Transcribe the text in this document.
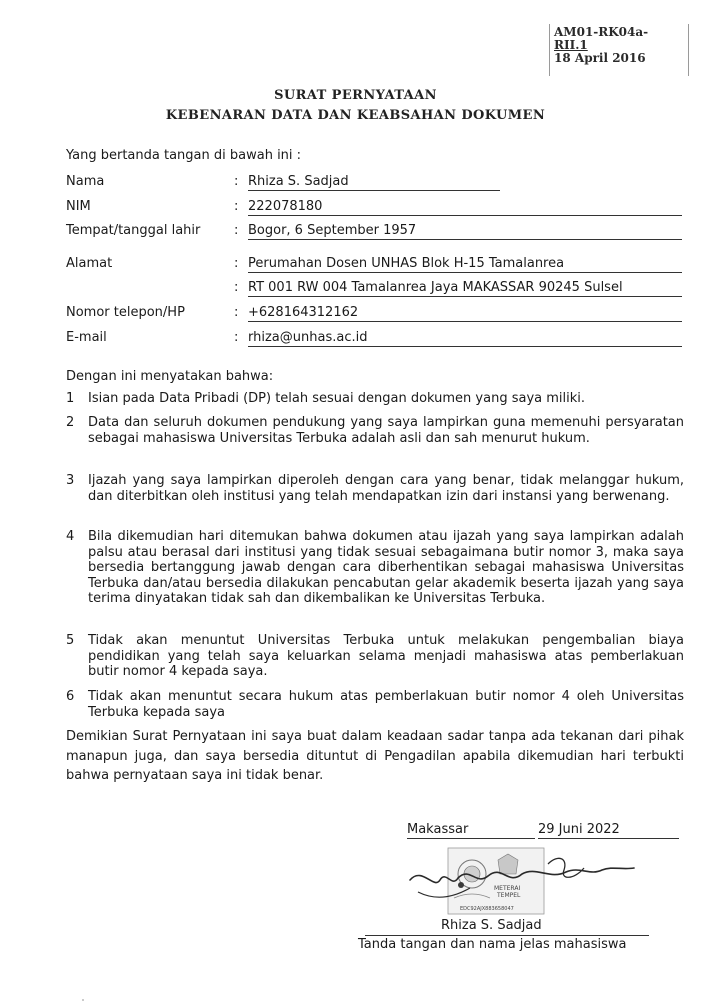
AM01-RK04a-
RII.1
18 April 2016
SURAT PERNYATAAN
KEBENARAN DATA DAN KEABSAHAN DOKUMEN
Yang bertanda tangan di bawah ini :
Nama	: Rhiza S. Sadjad
NIM	: 222078180
Tempat/tanggal lahir	: Bogor, 6 September 1957
Alamat	: Perumahan Dosen UNHAS Blok H-15 Tamalanrea
: RT 001 RW 004 Tamalanrea Jaya MAKASSAR 90245 Sulsel
Nomor telepon/HP	: +628164312162
E-mail	: rhiza@unhas.ac.id
Dengan ini menyatakan bahwa:
1 Isian pada Data Pribadi (DP) telah sesuai dengan dokumen yang saya miliki.
2 Data dan seluruh dokumen pendukung yang saya lampirkan guna memenuhi persyaratan sebagai mahasiswa Universitas Terbuka adalah asli dan sah menurut hukum.
3 Ijazah yang saya lampirkan diperoleh dengan cara yang benar, tidak melanggar hukum, dan diterbitkan oleh institusi yang telah mendapatkan izin dari instansi yang berwenang.
4 Bila dikemudian hari ditemukan bahwa dokumen atau ijazah yang saya lampirkan adalah palsu atau berasal dari institusi yang tidak sesuai sebagaimana butir nomor 3, maka saya bersedia bertanggung jawab dengan cara diberhentikan sebagai mahasiswa Universitas Terbuka dan/atau bersedia dilakukan pencabutan gelar akademik beserta ijazah yang saya terima dinyatakan tidak sah dan dikembalikan ke Universitas Terbuka.
5 Tidak akan menuntut Universitas Terbuka untuk melakukan pengembalian biaya pendidikan yang telah saya keluarkan selama menjadi mahasiswa atas pemberlakuan butir nomor 4 kepada saya.
6 Tidak akan menuntut secara hukum atas pemberlakuan butir nomor 4 oleh Universitas Terbuka kepada saya
Demikian Surat Pernyataan ini saya buat dalam keadaan sadar tanpa ada tekanan dari pihak manapun juga, dan saya bersedia dituntut di Pengadilan apabila dikemudian hari terbukti bahwa pernyataan saya ini tidak benar.
Makassar	29 Juni 2022
METERAI
TEMPEL
EDC92AJX883658047
Rhiza S. Sadjad
Tanda tangan dan nama jelas mahasiswa
